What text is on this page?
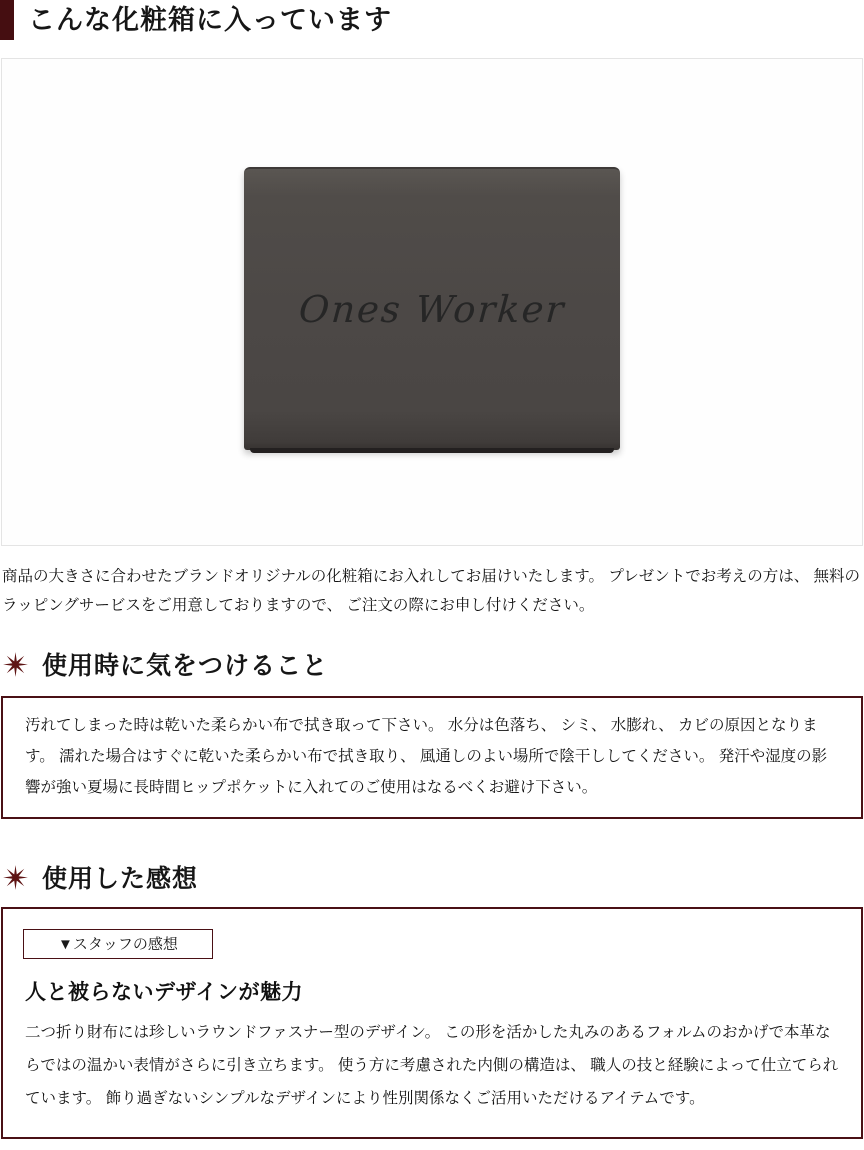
こんな化粧箱に入っています
Ones Worker

商品の大きさに合わせたブランドオリジナルの化粧箱にお入れしてお届けいたします。 プレゼントでお考えの方は、 無料のラッピングサービスをご用意しておりますので、 ご注文の際にお申し付けください。

使用時に気をつけること
汚れてしまった時は乾いた柔らかい布で拭き取って下さい。 水分は色落ち、 シミ、 水膨れ、 カビの原因となります。 濡れた場合はすぐに乾いた柔らかい布で拭き取り、 風通しのよい場所で陰干ししてください。 発汗や湿度の影響が強い夏場に長時間ヒップポケットに入れてのご使用はなるべくお避け下さい。
使用した感想
▼スタッフの感想
人と被らないデザインが魅力

二つ折り財布には珍しいラウンドファスナー型のデザイン。 この形を活かした丸みのあるフォルムのおかげで本革ならではの温かい表情がさらに引き立ちます。 使う方に考慮された内側の構造は、 職人の技と経験によって仕立てられています。 飾り過ぎないシンプルなデザインにより性別関係なくご活用いただけるアイテムです。
